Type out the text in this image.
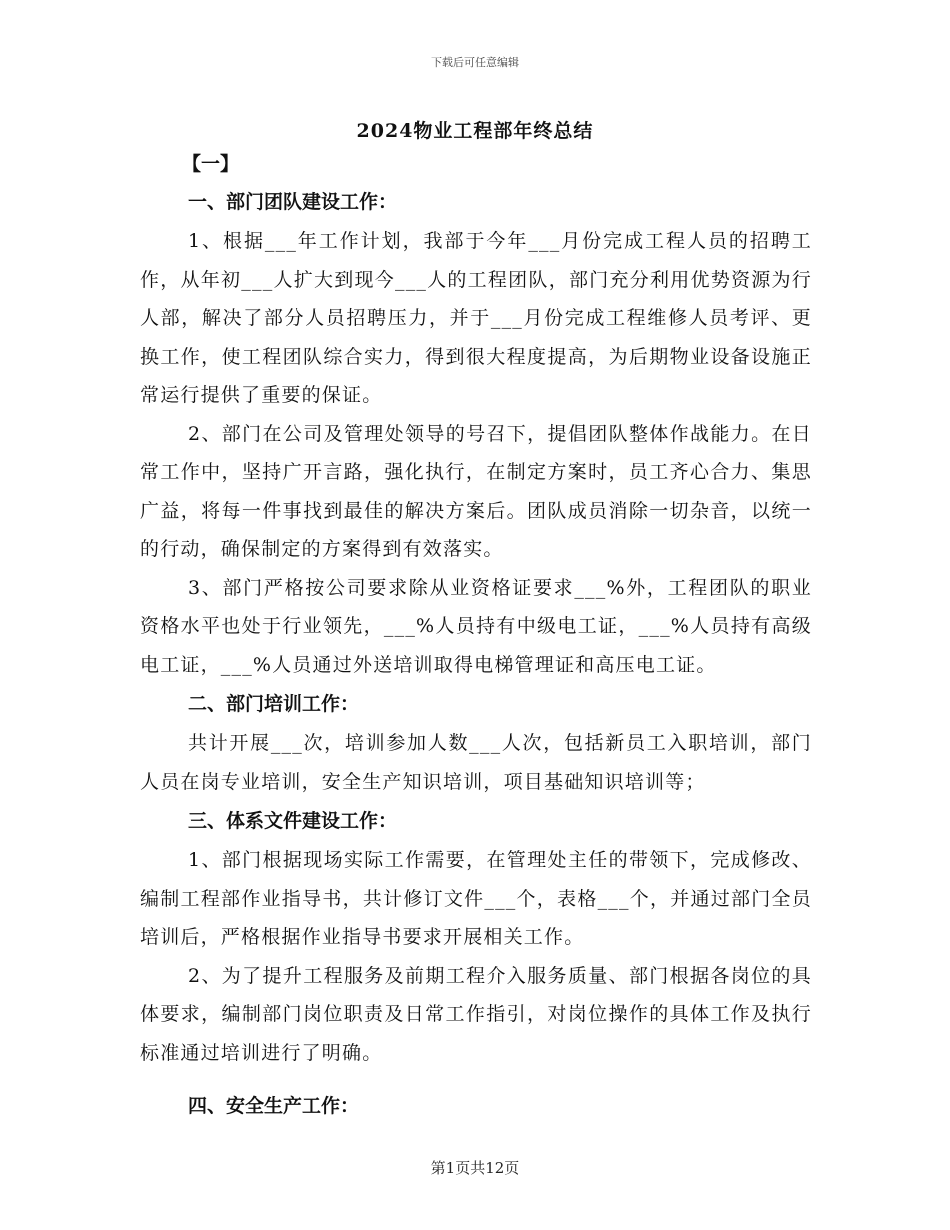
下载后可任意编辑
2024物业工程部年终总结
【一】
一、部门团队建设工作：

1、根据___年工作计划，我部于今年___月份完成工程人员的招聘工作，从年初___人扩大到现今___人的工程团队，部门充分利用优势资源为行人部，解决了部分人员招聘压力，并于___月份完成工程维修人员考评、更换工作，使工程团队综合实力，得到很大程度提高，为后期物业设备设施正常运行提供了重要的保证。

2、部门在公司及管理处领导的号召下，提倡团队整体作战能力。在日常工作中，坚持广开言路，强化执行，在制定方案时，员工齐心合力、集思广益，将每一件事找到最佳的解决方案后。团队成员消除一切杂音，以统一的行动，确保制定的方案得到有效落实。

3、部门严格按公司要求除从业资格证要求___%外，工程团队的职业资格水平也处于行业领先，___%人员持有中级电工证，___%人员持有高级电工证，___%人员通过外送培训取得电梯管理证和高压电工证。

二、部门培训工作：

共计开展___次，培训参加人数___人次，包括新员工入职培训，部门人员在岗专业培训，安全生产知识培训，项目基础知识培训等；

三、体系文件建设工作：

1、部门根据现场实际工作需要，在管理处主任的带领下，完成修改、编制工程部作业指导书，共计修订文件___个，表格___个，并通过部门全员培训后，严格根据作业指导书要求开展相关工作。

2、为了提升工程服务及前期工程介入服务质量、部门根据各岗位的具体要求，编制部门岗位职责及日常工作指引，对岗位操作的具体工作及执行标准通过培训进行了明确。

四、安全生产工作：
第1页共12页
